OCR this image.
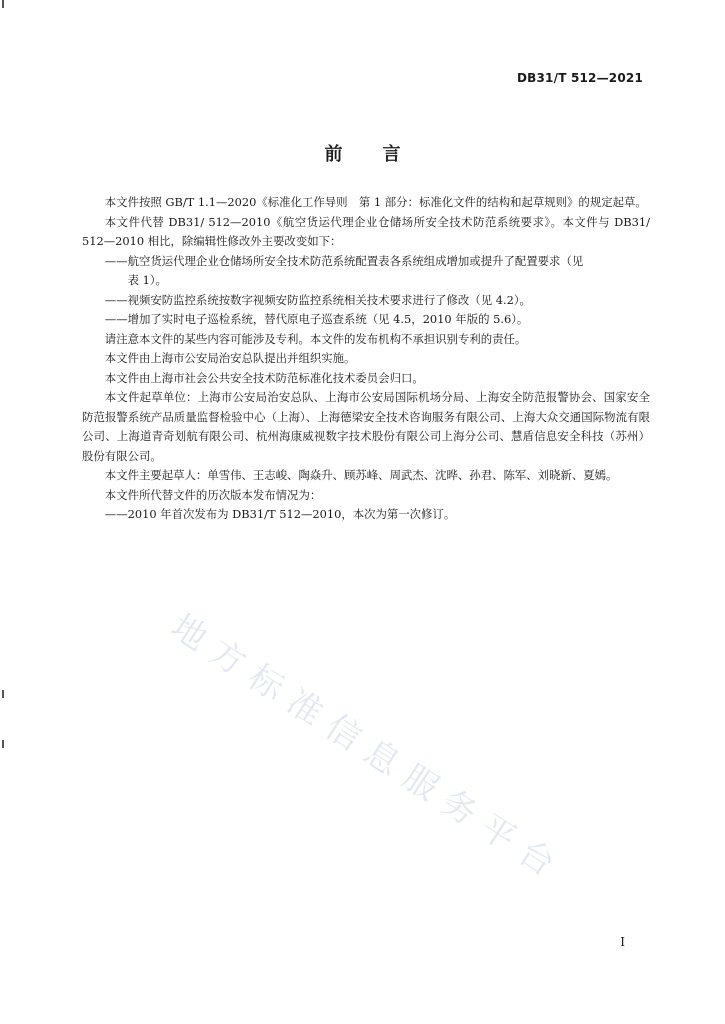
DB31/T 512—2021
前言

本文件按照 GB/T 1.1—2020《标准化工作导则　第 1 部分：标准化文件的结构和起草规则》的规定起草。

本文件代替 DB31/ 512—2010《航空货运代理企业仓储场所安全技术防范系统要求》。本文件与 DB31/ 512—2010 相比，除编辑性修改外主要改变如下：

——航空货运代理企业仓储场所安全技术防范系统配置表各系统组成增加或提升了配置要求（见
表 1）。

——视频安防监控系统按数字视频安防监控系统相关技术要求进行了修改（见 4.2）。

——增加了实时电子巡检系统，替代原电子巡查系统（见 4.5，2010 年版的 5.6）。

请注意本文件的某些内容可能涉及专利。本文件的发布机构不承担识别专利的责任。

本文件由上海市公安局治安总队提出并组织实施。

本文件由上海市社会公共安全技术防范标准化技术委员会归口。

本文件起草单位：上海市公安局治安总队、上海市公安局国际机场分局、上海安全防范报警协会、国家安全防范报警系统产品质量监督检验中心（上海）、上海德梁安全技术咨询服务有限公司、上海大众交通国际物流有限公司、上海道青奇划航有限公司、杭州海康威视数字技术股份有限公司上海分公司、慧盾信息安全科技（苏州）股份有限公司。

本文件主要起草人：单雪伟、王志峻、陶焱升、顾苏峰、周武杰、沈晔、孙君、陈军、刘晓新、夏嫣。

本文件所代替文件的历次版本发布情况为：

——2010 年首次发布为 DB31/T 512—2010，本次为第一次修订。

地方标准信息服务平台
I
